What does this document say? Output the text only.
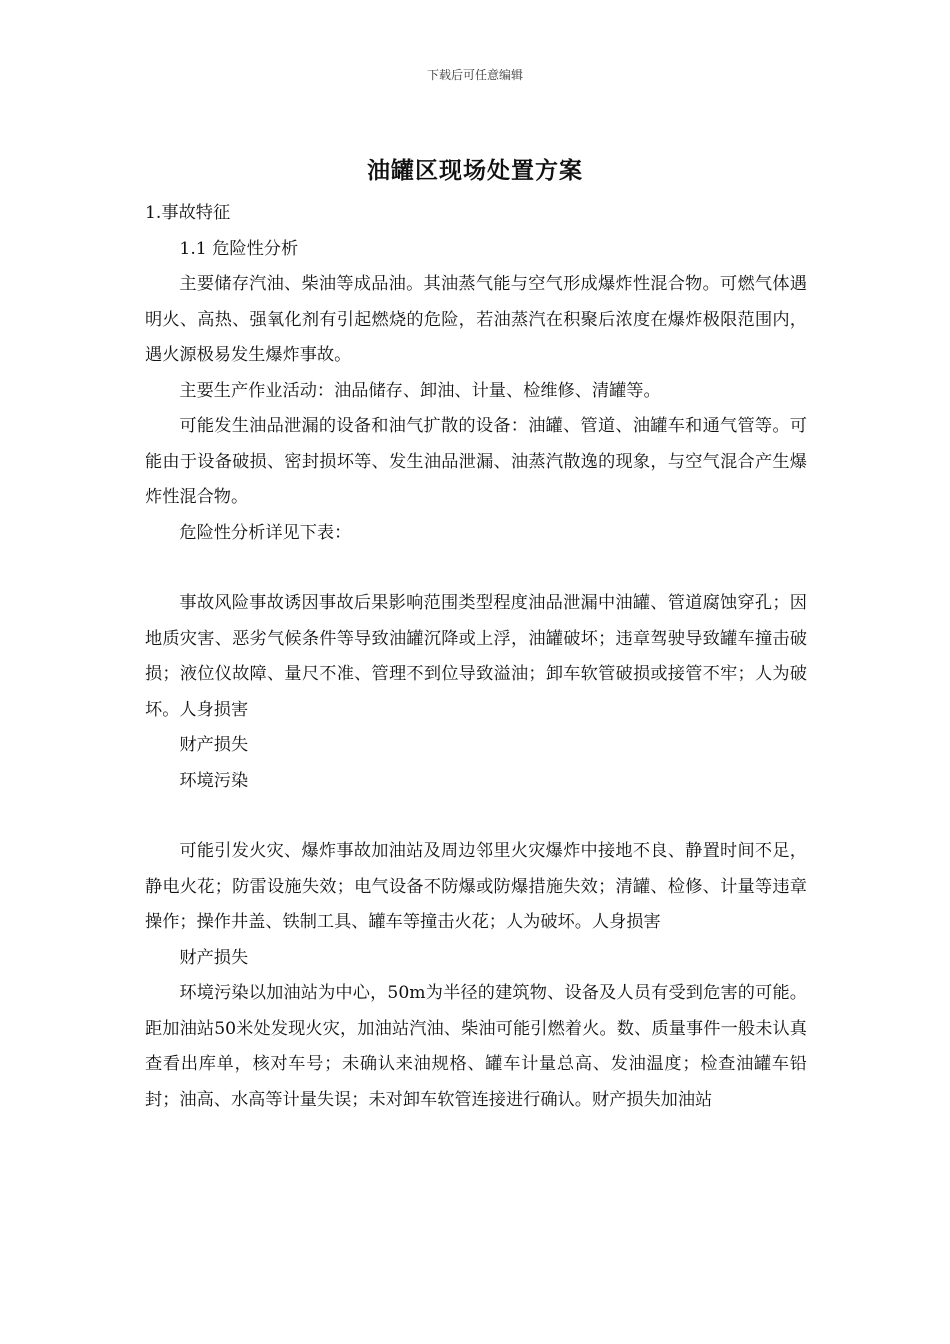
下载后可任意编辑
油罐区现场处置方案

1.事故特征

1.1 危险性分析

主要储存汽油、柴油等成品油。其油蒸气能与空气形成爆炸性混合物。可燃气体遇明火、高热、强氧化剂有引起燃烧的危险，若油蒸汽在积聚后浓度在爆炸极限范围内，遇火源极易发生爆炸事故。

主要生产作业活动：油品储存、卸油、计量、检维修、清罐等。

可能发生油品泄漏的设备和油气扩散的设备：油罐、管道、油罐车和通气管等。可能由于设备破损、密封损坏等、发生油品泄漏、油蒸汽散逸的现象，与空气混合产生爆炸性混合物。

危险性分析详见下表：

事故风险事故诱因事故后果影响范围类型程度油品泄漏中油罐、管道腐蚀穿孔；因地质灾害、恶劣气候条件等导致油罐沉降或上浮，油罐破坏；违章驾驶导致罐车撞击破损；液位仪故障、量尺不准、管理不到位导致溢油；卸车软管破损或接管不牢；人为破坏。人身损害

财产损失

环境污染

可能引发火灾、爆炸事故加油站及周边邻里火灾爆炸中接地不良、静置时间不足，静电火花；防雷设施失效；电气设备不防爆或防爆措施失效；清罐、检修、计量等违章操作；操作井盖、铁制工具、罐车等撞击火花；人为破坏。人身损害

财产损失

环境污染以加油站为中心，50m为半径的建筑物、设备及人员有受到危害的可能。距加油站50米处发现火灾，加油站汽油、柴油可能引燃着火。数、质量事件一般未认真查看出库单，核对车号；未确认来油规格、罐车计量总高、发油温度；检查油罐车铅封；油高、水高等计量失误；未对卸车软管连接进行确认。财产损失加油站
